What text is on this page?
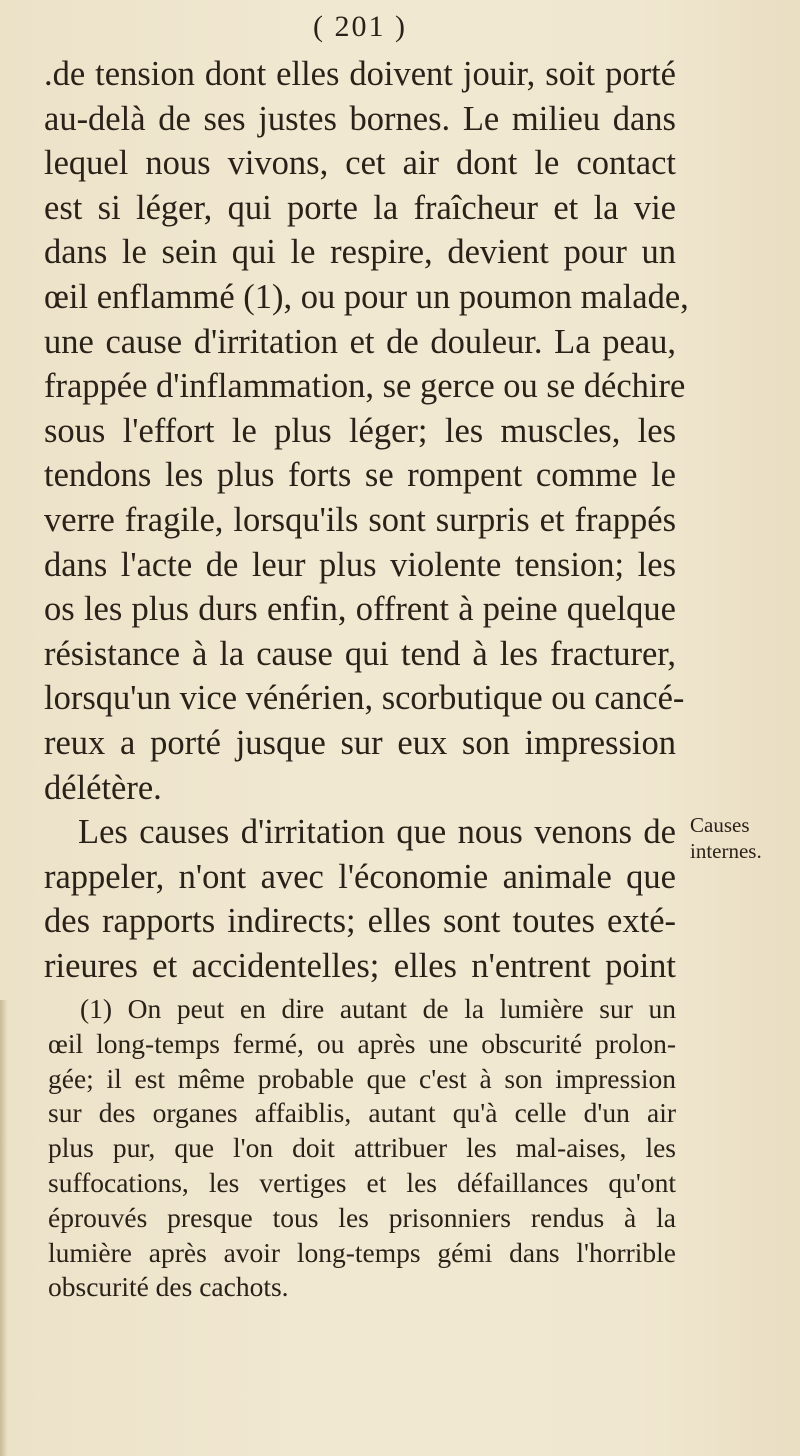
( 201 )
.de tension dont elles doivent jouir, soit porté
au-delà de ses justes bornes. Le milieu dans
lequel nous vivons, cet air dont le contact
est si léger, qui porte la fraîcheur et la vie
dans le sein qui le respire, devient pour un
œil enflammé (1), ou pour un poumon malade,
une cause d'irritation et de douleur. La peau,
frappée d'inflammation, se gerce ou se déchire
sous l'effort le plus léger; les muscles, les
tendons les plus forts se rompent comme le
verre fragile, lorsqu'ils sont surpris et frappés
dans l'acte de leur plus violente tension; les
os les plus durs enfin, offrent à peine quelque
résistance à la cause qui tend à les fracturer,
lorsqu'un vice vénérien, scorbutique ou cancé-
reux a porté jusque sur eux son impression
délétère.
Les causes d'irritation que nous venons de
rappeler, n'ont avec l'économie animale que
des rapports indirects; elles sont toutes exté-
rieures et accidentelles; elles n'entrent point
Causes
internes.
(1) On peut en dire autant de la lumière sur un
œil long-temps fermé, ou après une obscurité prolon-
gée; il est même probable que c'est à son impression
sur des organes affaiblis, autant qu'à celle d'un air
plus pur, que l'on doit attribuer les mal-aises, les
suffocations, les vertiges et les défaillances qu'ont
éprouvés presque tous les prisonniers rendus à la
lumière après avoir long-temps gémi dans l'horrible
obscurité des cachots.
